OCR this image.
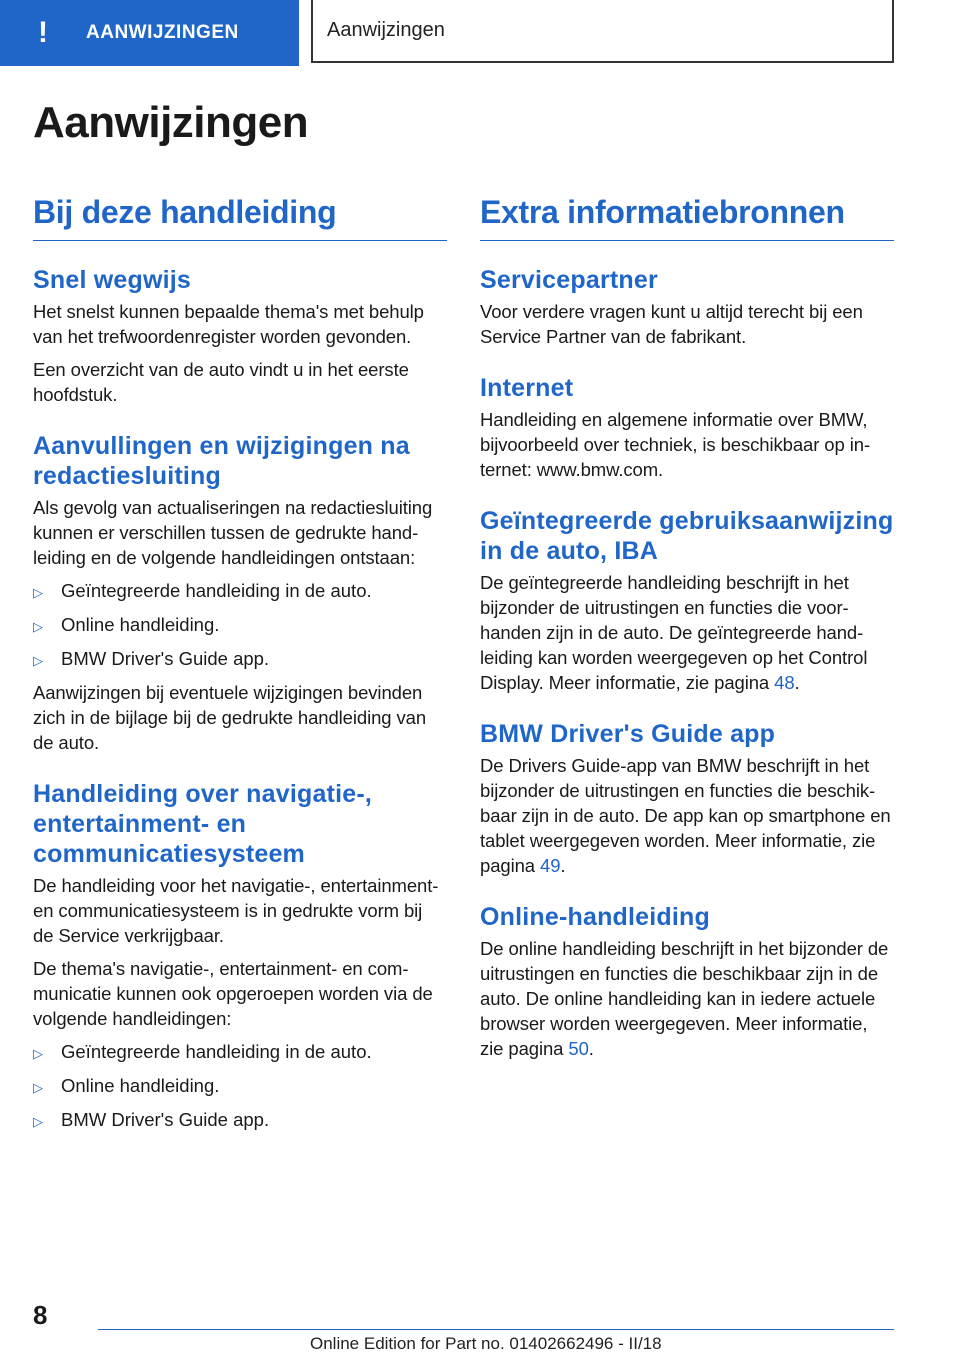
!	AANWIJZINGEN	Aanwijzingen
Aanwijzingen
Bij deze handleiding
Snel wegwijs

Het snelst kunnen bepaalde thema's met behulp van het trefwoordenregister worden gevonden.

Een overzicht van de auto vindt u in het eerste hoofdstuk.

Aanvullingen en wijzigingen na redactiesluiting

Als gevolg van actualiseringen na redactiesluiting kunnen er verschillen tussen de gedrukte handleiding en de volgende handleidingen ontstaan:

▷ Geïntegreerde handleiding in de auto.
▷ Online handleiding.
▷ BMW Driver's Guide app.

Aanwijzingen bij eventuele wijzigingen bevinden zich in de bijlage bij de gedrukte handleiding van de auto.

Handleiding over navigatie-, entertainment- en communicatiesysteem

De handleiding voor het navigatie-, entertainment- en communicatiesysteem is in gedrukte vorm bij de Service verkrijgbaar.

De thema's navigatie-, entertainment- en communicatie kunnen ook opgeroepen worden via de volgende handleidingen:

▷ Geïntegreerde handleiding in de auto.
▷ Online handleiding.
▷ BMW Driver's Guide app.
Extra informatiebronnen
Servicepartner

Voor verdere vragen kunt u altijd terecht bij een Service Partner van de fabrikant.

Internet

Handleiding en algemene informatie over BMW, bijvoorbeeld over techniek, is beschikbaar op internet: www.bmw.com.

Geïntegreerde gebruiksaanwijzing in de auto, IBA

De geïntegreerde handleiding beschrijft in het bijzonder de uitrustingen en functies die voorhanden zijn in de auto. De geïntegreerde handleiding kan worden weergegeven op het Control Display. Meer informatie, zie pagina 48.

BMW Driver's Guide app

De Drivers Guide-app van BMW beschrijft in het bijzonder de uitrustingen en functies die beschikbaar zijn in de auto. De app kan op smartphone en tablet weergegeven worden. Meer informatie, zie pagina 49.

Online-handleiding

De online handleiding beschrijft in het bijzonder de uitrustingen en functies die beschikbaar zijn in de auto. De online handleiding kan in iedere actuele browser worden weergegeven. Meer informatie, zie pagina 50.

8
Online Edition for Part no. 01402662496 - II/18
